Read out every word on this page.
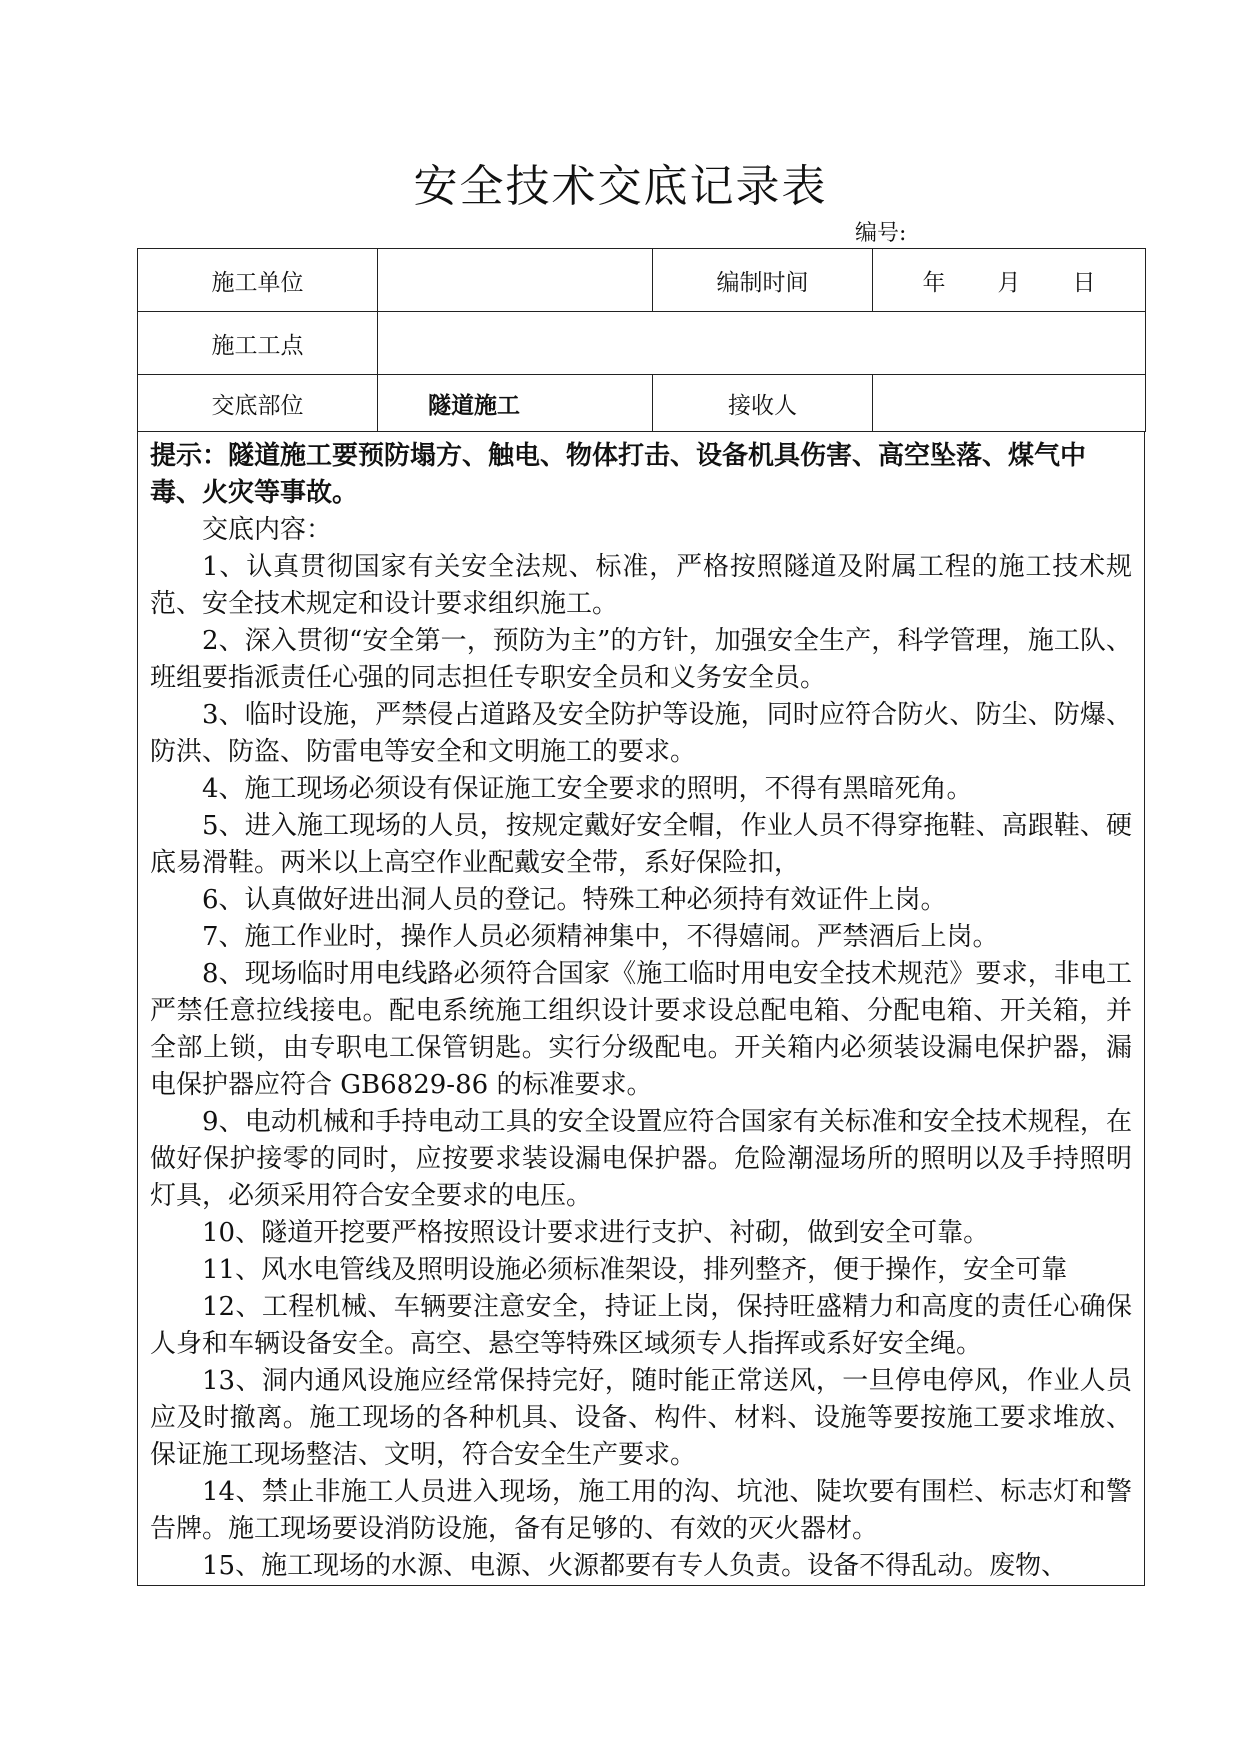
安全技术交底记录表
编号:
施工单位		编制时间	年 月 日
施工工点			
交底部位	隧道施工	接收人	

提示：隧道施工要预防塌方、触电、物体打击、设备机具伤害、高空坠落、煤气中毒、火灾等事故。

交底内容：

1、认真贯彻国家有关安全法规、标准，严格按照隧道及附属工程的施工技术规范、安全技术规定和设计要求组织施工。

2、深入贯彻“安全第一，预防为主”的方针，加强安全生产，科学管理，施工队、班组要指派责任心强的同志担任专职安全员和义务安全员。

3、临时设施，严禁侵占道路及安全防护等设施，同时应符合防火、防尘、防爆、防洪、防盗、防雷电等安全和文明施工的要求。

4、施工现场必须设有保证施工安全要求的照明，不得有黑暗死角。

5、进入施工现场的人员，按规定戴好安全帽，作业人员不得穿拖鞋、高跟鞋、硬底易滑鞋。两米以上高空作业配戴安全带，系好保险扣，

6、认真做好进出洞人员的登记。特殊工种必须持有效证件上岗。

7、施工作业时，操作人员必须精神集中，不得嬉闹。严禁酒后上岗。

8、现场临时用电线路必须符合国家《施工临时用电安全技术规范》要求，非电工严禁任意拉线接电。配电系统施工组织设计要求设总配电箱、分配电箱、开关箱，并全部上锁，由专职电工保管钥匙。实行分级配电。开关箱内必须装设漏电保护器，漏电保护器应符合 GB6829-86 的标准要求。

9、电动机械和手持电动工具的安全设置应符合国家有关标准和安全技术规程，在做好保护接零的同时，应按要求装设漏电保护器。危险潮湿场所的照明以及手持照明灯具，必须采用符合安全要求的电压。

10、隧道开挖要严格按照设计要求进行支护、衬砌，做到安全可靠。

11、风水电管线及照明设施必须标准架设，排列整齐，便于操作，安全可靠

12、工程机械、车辆要注意安全，持证上岗，保持旺盛精力和高度的责任心确保人身和车辆设备安全。高空、悬空等特殊区域须专人指挥或系好安全绳。

13、洞内通风设施应经常保持完好，随时能正常送风，一旦停电停风，作业人员应及时撤离。施工现场的各种机具、设备、构件、材料、设施等要按施工要求堆放、保证施工现场整洁、文明，符合安全生产要求。

14、禁止非施工人员进入现场，施工用的沟、坑池、陡坎要有围栏、标志灯和警告牌。施工现场要设消防设施，备有足够的、有效的灭火器材。

15、施工现场的水源、电源、火源都要有专人负责。设备不得乱动。废物、
